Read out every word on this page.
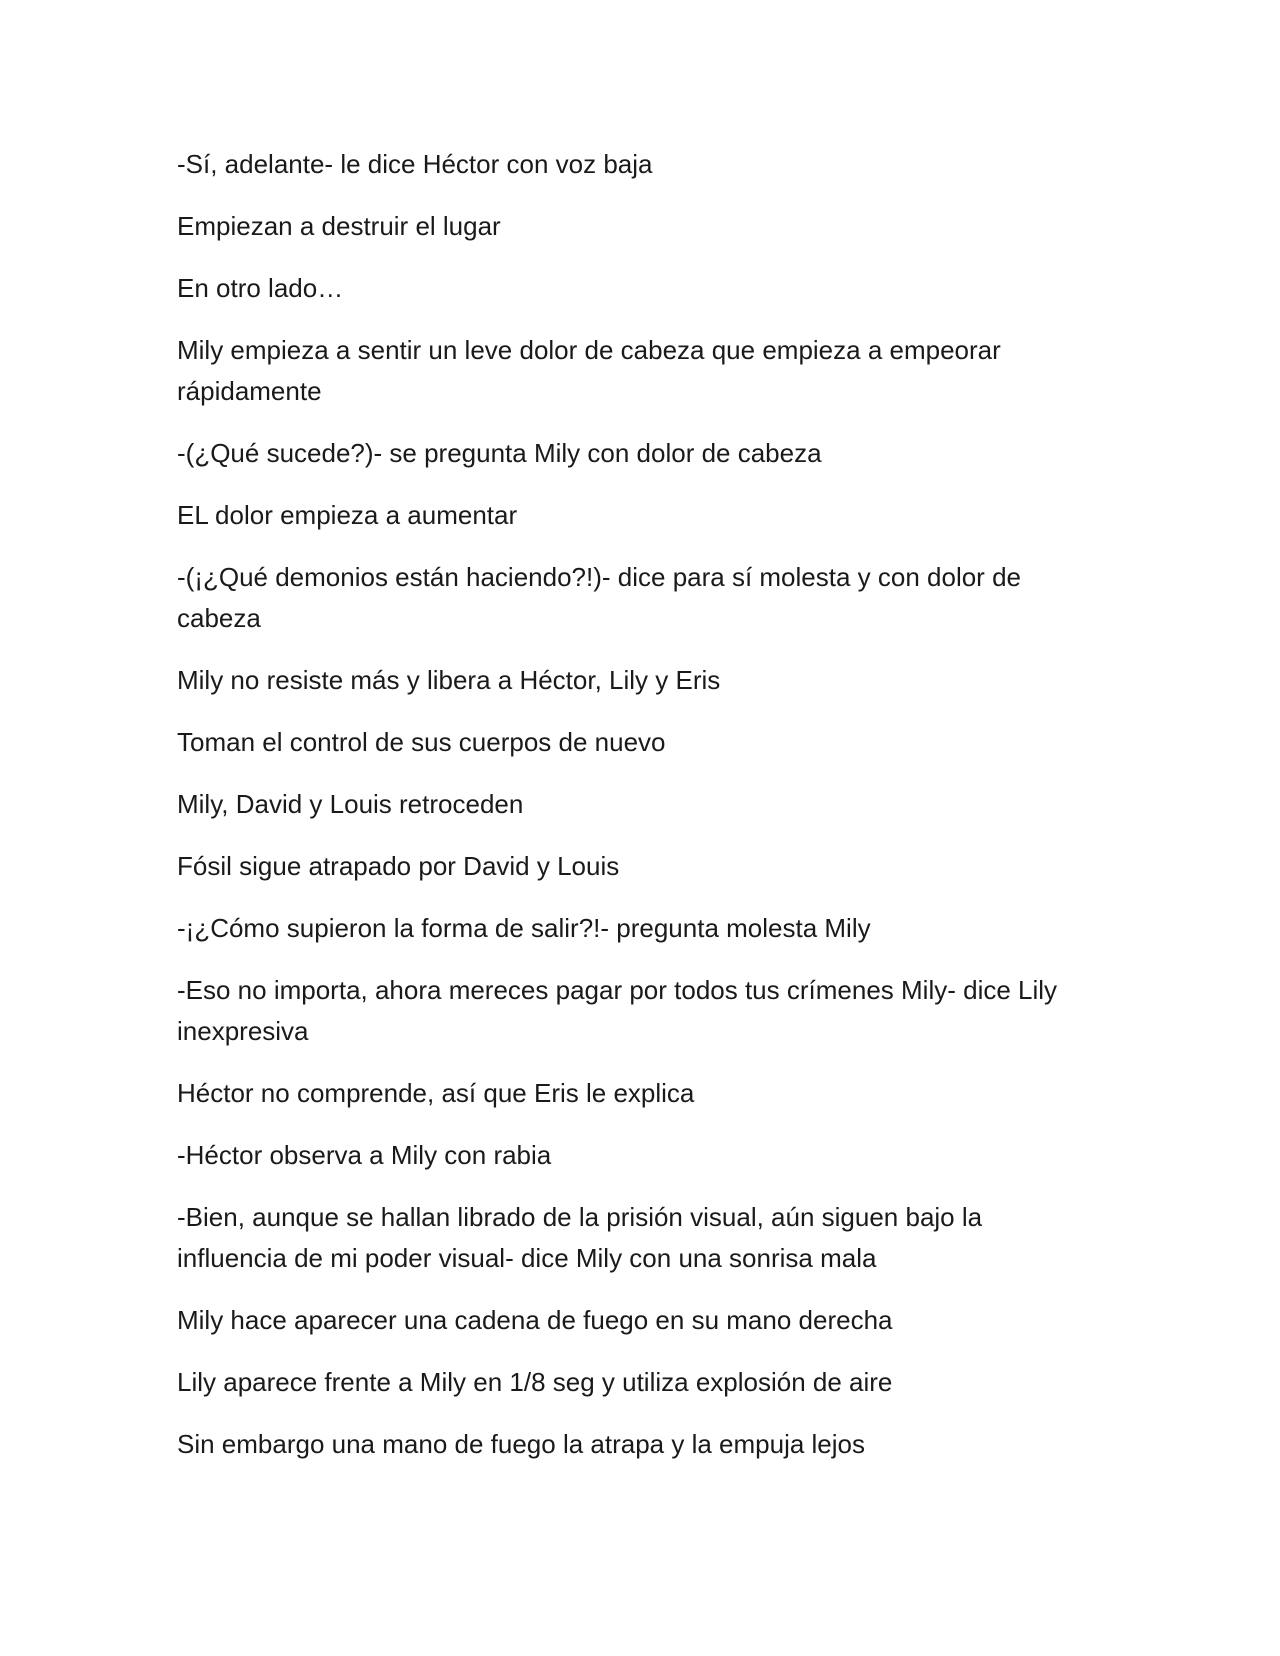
-Sí, adelante- le dice Héctor con voz baja

Empiezan a destruir el lugar

En otro lado…

Mily empieza a sentir un leve dolor de cabeza que empieza a empeorar rápidamente

-(¿Qué sucede?)- se pregunta Mily con dolor de cabeza

EL dolor empieza a aumentar

-(¡¿Qué demonios están haciendo?!)- dice para sí molesta y con dolor de cabeza

Mily no resiste más y libera a Héctor, Lily y Eris

Toman el control de sus cuerpos de nuevo

Mily, David y Louis retroceden

Fósil sigue atrapado por David y Louis

-¡¿Cómo supieron la forma de salir?!- pregunta molesta Mily

-Eso no importa, ahora mereces pagar por todos tus crímenes Mily- dice Lily inexpresiva

Héctor no comprende, así que Eris le explica

-Héctor observa a Mily con rabia

-Bien, aunque se hallan librado de la prisión visual, aún siguen bajo la influencia de mi poder visual- dice Mily con una sonrisa mala

Mily hace aparecer una cadena de fuego en su mano derecha

Lily aparece frente a Mily en 1/8 seg y utiliza explosión de aire

Sin embargo una mano de fuego la atrapa y la empuja lejos
